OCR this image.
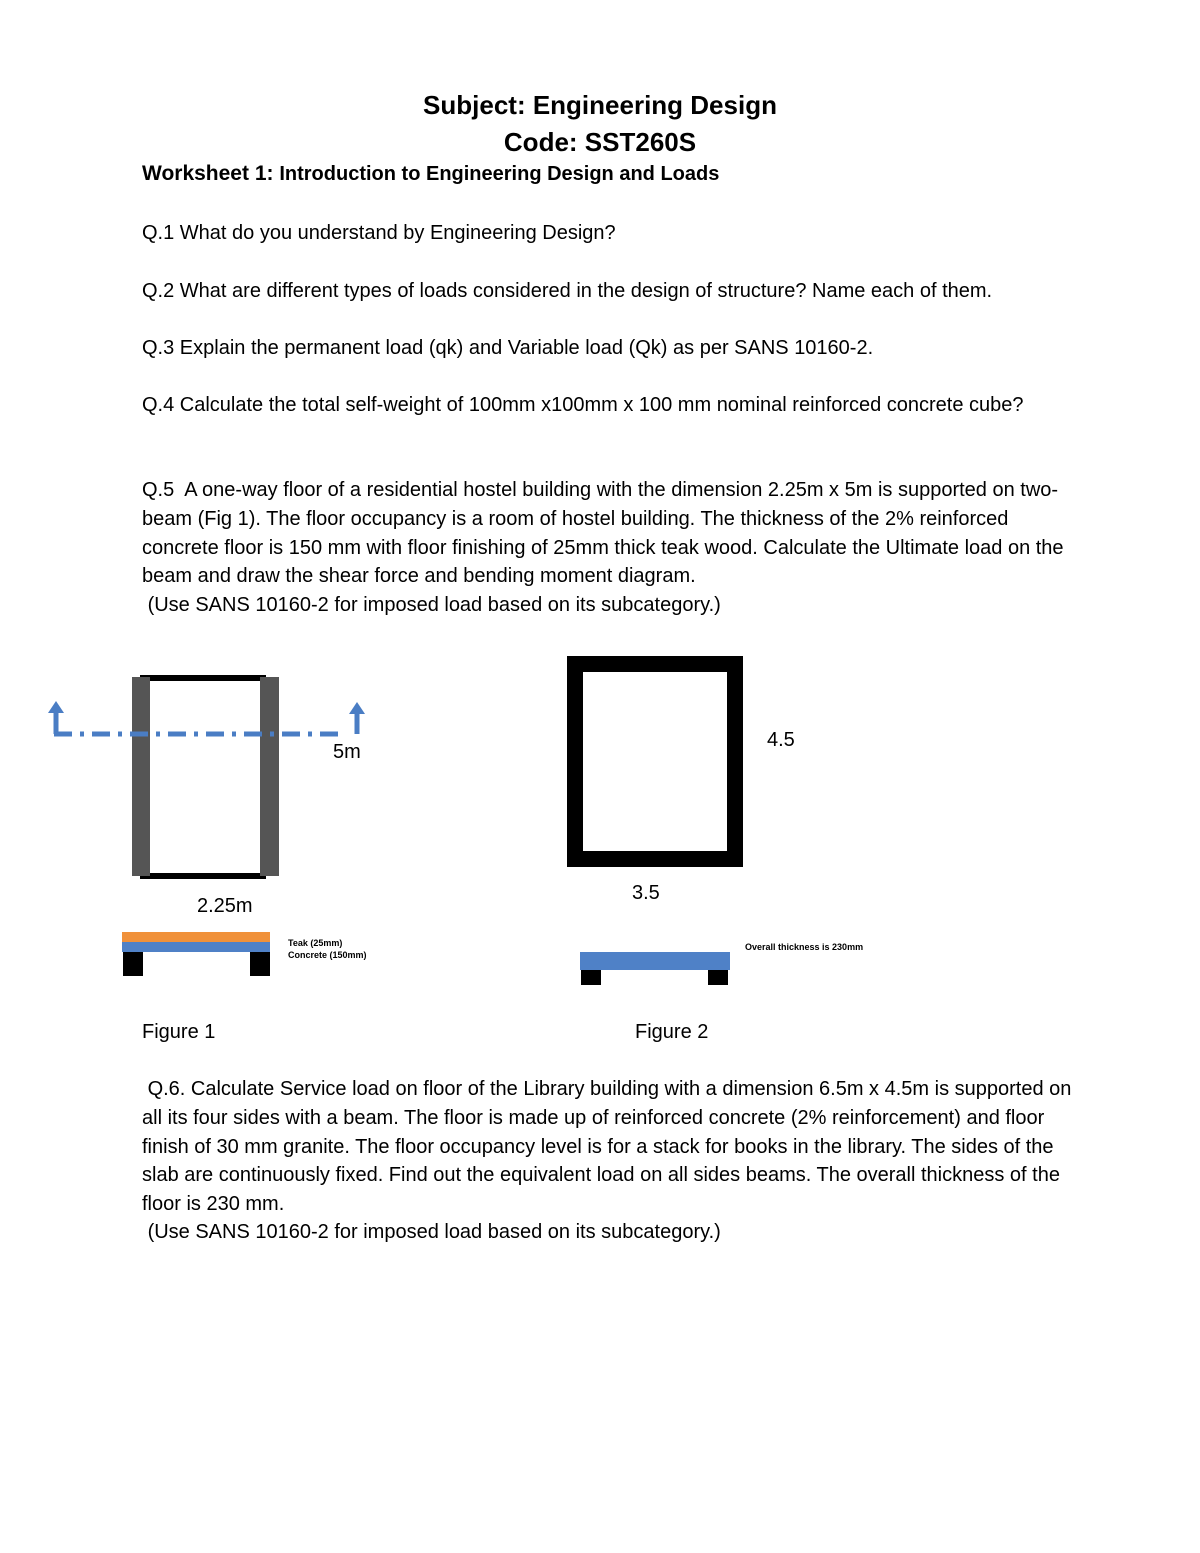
Subject: Engineering Design
Code: SST260S
Worksheet 1: Introduction to Engineering Design and Loads
Q.1 What do you understand by Engineering Design?
Q.2 What are different types of loads considered in the design of structure? Name each of them.
Q.3 Explain the permanent load (qk) and Variable load (Qk) as per SANS 10160-2.
Q.4 Calculate the total self-weight of 100mm x100mm x 100 mm nominal reinforced concrete cube?
Q.5  A one-way floor of a residential hostel building with the dimension 2.25m x 5m is supported on two-beam (Fig 1). The floor occupancy is a room of hostel building. The thickness of the 2% reinforced concrete floor is 150 mm with floor finishing of 25mm thick teak wood. Calculate the Ultimate load on the beam and draw the shear force and bending moment diagram.
(Use SANS 10160-2 for imposed load based on its subcategory.)
5m
2.25m
Teak (25mm)
Concrete (150mm)
Figure 1
4.5
3.5
Overall thickness is 230mm
Figure 2
Q.6. Calculate Service load on floor of the Library building with a dimension 6.5m x 4.5m is supported on all its four sides with a beam. The floor is made up of reinforced concrete (2% reinforcement) and floor finish of 30 mm granite. The floor occupancy level is for a stack for books in the library. The sides of the slab are continuously fixed. Find out the equivalent load on all sides beams. The overall thickness of the floor is 230 mm.
(Use SANS 10160-2 for imposed load based on its subcategory.)
